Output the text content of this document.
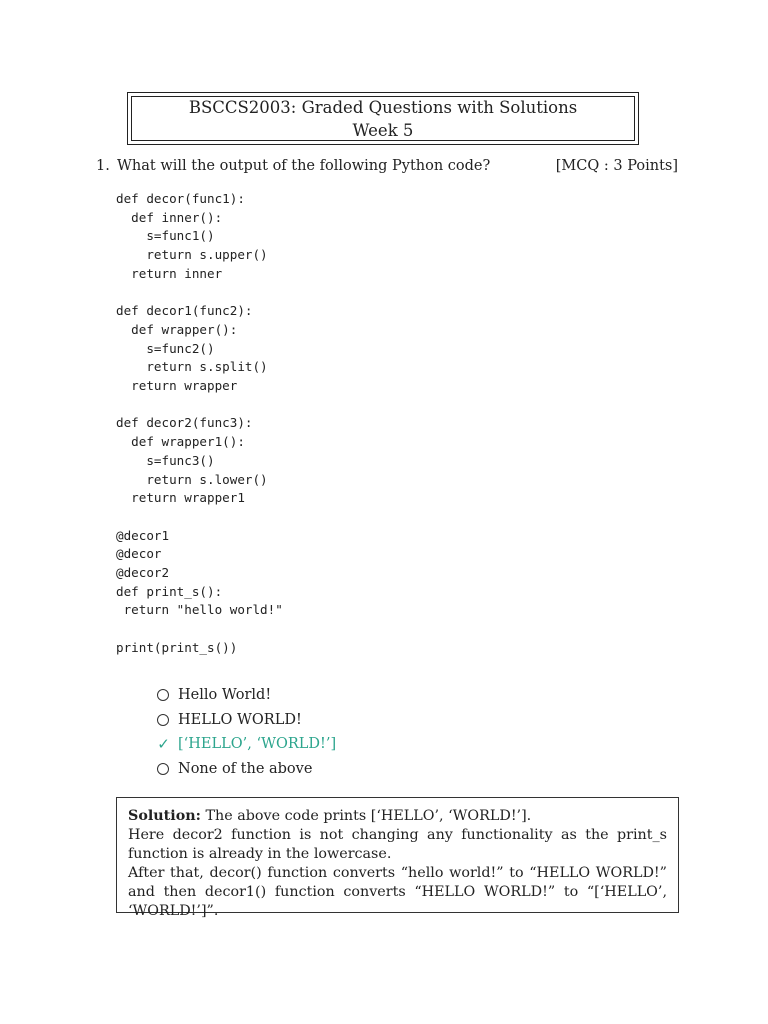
BSCCS2003: Graded Questions with Solutions
Week 5
1. What will the output of the following Python code?	[MCQ : 3 Points]
def decor(func1):
def inner():
s=func1()
return s.upper()
return inner

def decor1(func2):
def wrapper():
s=func2()
return s.split()
return wrapper

def decor2(func3):
def wrapper1():
s=func3()
return s.lower()
return wrapper1

@decor1
@decor
@decor2
def print_s():
return "hello world!"

print(print_s())
Hello World!
HELLO WORLD!
✓ [‘HELLO’, ‘WORLD!’]
None of the above

Solution: The above code prints [‘HELLO’, ‘WORLD!’].

Here decor2 function is not changing any functionality as the print_s function is already in the lowercase.

After that, decor() function converts “hello world!” to “HELLO WORLD!” and then decor1() function converts “HELLO WORLD!” to “[‘HELLO’, ‘WORLD!’]”.
